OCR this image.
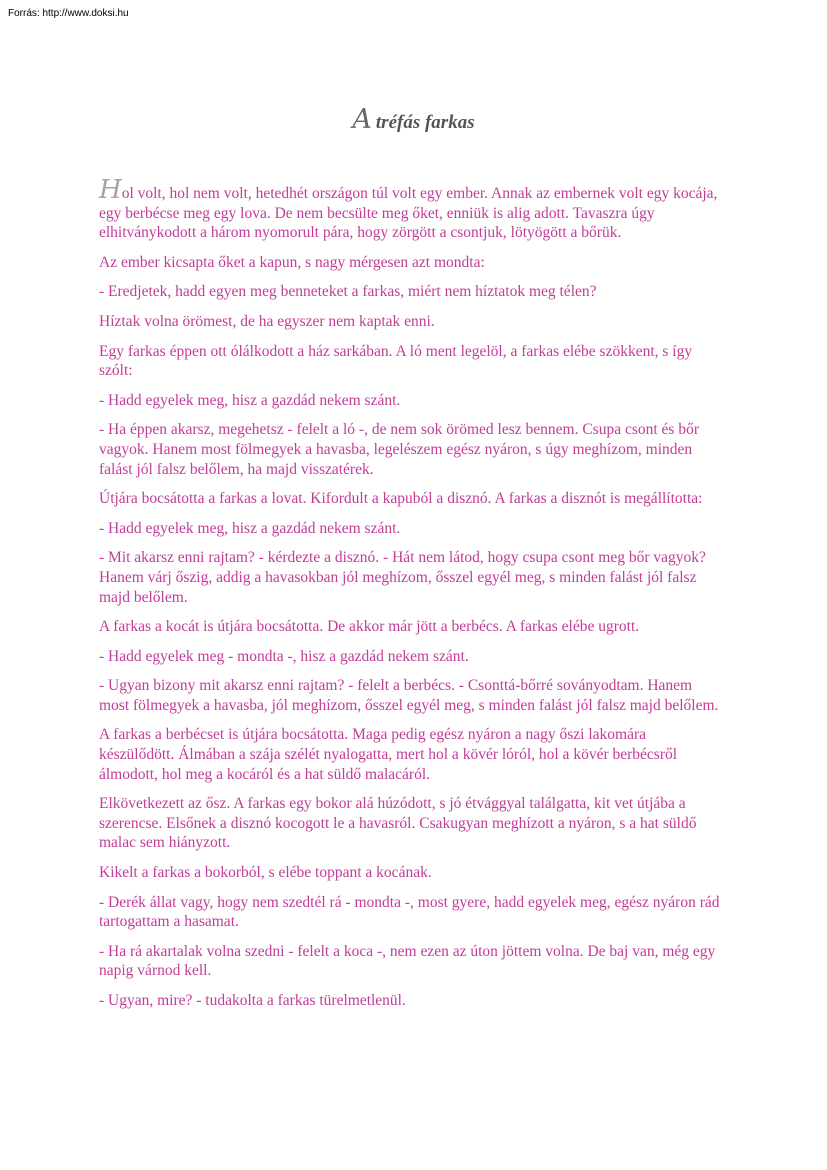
Forrás: http://www.doksi.hu
A tréfás farkas

Hol volt, hol nem volt, hetedhét országon túl volt egy ember. Annak az embernek volt egy kocája, egy berbécse meg egy lova. De nem becsülte meg őket, enniük is alig adott. Tavaszra úgy elhitványkodott a három nyomorult pára, hogy zörgött a csontjuk, lötyögött a bőrük.

Az ember kicsapta őket a kapun, s nagy mérgesen azt mondta:

- Eredjetek, hadd egyen meg benneteket a farkas, miért nem híztatok meg télen?

Híztak volna örömest, de ha egyszer nem kaptak enni.

Egy farkas éppen ott ólálkodott a ház sarkában. A ló ment legelöl, a farkas elébe szökkent, s így szólt:

- Hadd egyelek meg, hisz a gazdád nekem szánt.

- Ha éppen akarsz, megehetsz - felelt a ló -, de nem sok örömed lesz bennem. Csupa csont és bőr vagyok. Hanem most fölmegyek a havasba, legelészem egész nyáron, s úgy meghízom, minden falást jól falsz belőlem, ha majd visszatérek.

Útjára bocsátotta a farkas a lovat. Kifordult a kapuból a disznó. A farkas a disznót is megállította:

- Hadd egyelek meg, hisz a gazdád nekem szánt.

- Mit akarsz enni rajtam? - kérdezte a disznó. - Hát nem látod, hogy csupa csont meg bőr vagyok? Hanem várj őszig, addig a havasokban jól meghízom, ősszel egyél meg, s minden falást jól falsz majd belőlem.

A farkas a kocát is útjára bocsátotta. De akkor már jött a berbécs. A farkas elébe ugrott.

- Hadd egyelek meg - mondta -, hisz a gazdád nekem szánt.

- Ugyan bizony mit akarsz enni rajtam? - felelt a berbécs. - Csonttá-bőrré soványodtam. Hanem most fölmegyek a havasba, jól meghízom, ősszel egyél meg, s minden falást jól falsz majd belőlem.

A farkas a berbécset is útjára bocsátotta. Maga pedig egész nyáron a nagy őszi lakomára készülődött. Álmában a szája szélét nyalogatta, mert hol a kövér lóról, hol a kövér berbécsről álmodott, hol meg a kocáról és a hat süldő malacáról.

Elkövetkezett az ősz. A farkas egy bokor alá húzódott, s jó étvággyal találgatta, kit vet útjába a szerencse. Elsőnek a disznó kocogott le a havasról. Csakugyan meghízott a nyáron, s a hat süldő malac sem hiányzott.

Kikelt a farkas a bokorból, s elébe toppant a kocának.

- Derék állat vagy, hogy nem szedtél rá - mondta -, most gyere, hadd egyelek meg, egész nyáron rád tartogattam a hasamat.

- Ha rá akartalak volna szedni - felelt a koca -, nem ezen az úton jöttem volna. De baj van, még egy napig várnod kell.

- Ugyan, mire? - tudakolta a farkas türelmetlenül.
